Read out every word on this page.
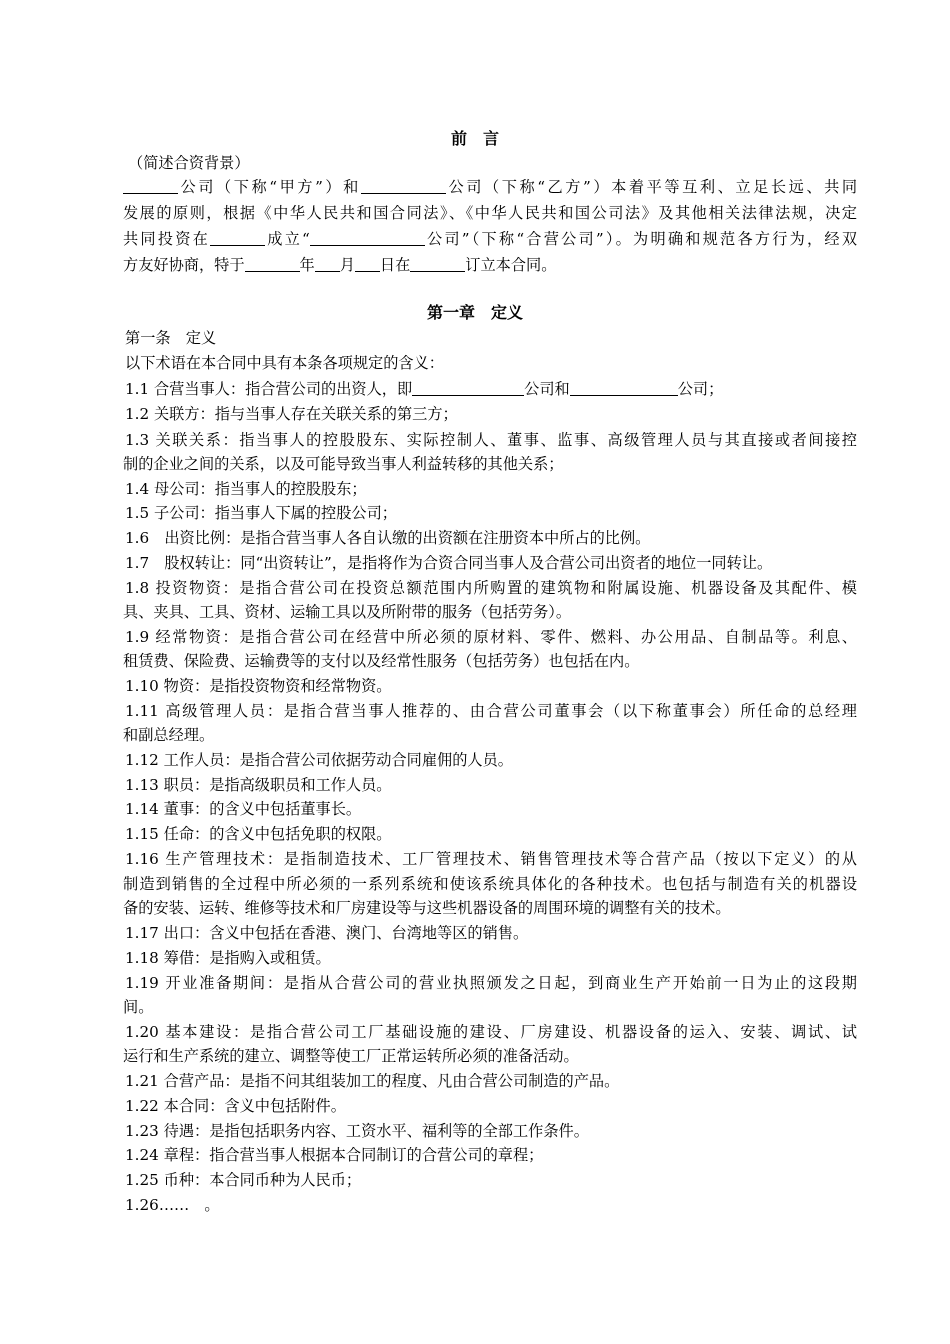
前　言
（简述合资背景）
公司（下称“甲方”）和	公司（下称“乙方”）本着平等互利、立足长远、共同
发展的原则，根据《中华人民共和国合同法》、《中华人民共和国公司法》及其他相关法律法规，决定
共同投资在	成立“	公司”（下称“合营公司”）。为明确和规范各方行为，经双
方友好协商，特于	年 月 日在	订立本合同。
第一章　定义
第一条　定义
以下术语在本合同中具有本条各项规定的含义：
1.1 合营当事人：指合营公司的出资人，即	公司和	公司；
1.2 关联方：指与当事人存在关联关系的第三方；
1.3 关联关系：指当事人的控股股东、实际控制人、董事、监事、高级管理人员与其直接或者间接控
制的企业之间的关系，以及可能导致当事人利益转移的其他关系；
1.4 母公司：指当事人的控股股东；
1.5 子公司：指当事人下属的控股公司；
1.6　出资比例：是指合营当事人各自认缴的出资额在注册资本中所占的比例。
1.7　股权转让：同“出资转让”，是指将作为合资合同当事人及合营公司出资者的地位一同转让。
1.8 投资物资：是指合营公司在投资总额范围内所购置的建筑物和附属设施、机器设备及其配件、模
具、夹具、工具、资材、运输工具以及所附带的服务（包括劳务）。
1.9 经常物资：是指合营公司在经营中所必须的原材料、零件、燃料、办公用品、自制品等。利息、
租赁费、保险费、运输费等的支付以及经常性服务（包括劳务）也包括在内。
1.10 物资：是指投资物资和经常物资。
1.11 高级管理人员：是指合营当事人推荐的、由合营公司董事会（以下称董事会）所任命的总经理
和副总经理。
1.12 工作人员：是指合营公司依据劳动合同雇佣的人员。
1.13 职员：是指高级职员和工作人员。
1.14 董事：的含义中包括董事长。
1.15 任命：的含义中包括免职的权限。
1.16 生产管理技术：是指制造技术、工厂管理技术、销售管理技术等合营产品（按以下定义）的从
制造到销售的全过程中所必须的一系列系统和使该系统具体化的各种技术。也包括与制造有关的机器设
备的安装、运转、维修等技术和厂房建设等与这些机器设备的周围环境的调整有关的技术。
1.17 出口：含义中包括在香港、澳门、台湾地等区的销售。
1.18 筹借：是指购入或租赁。
1.19 开业准备期间：是指从合营公司的营业执照颁发之日起，到商业生产开始前一日为止的这段期
间。
1.20 基本建设：是指合营公司工厂基础设施的建设、厂房建设、机器设备的运入、安装、调试、试
运行和生产系统的建立、调整等使工厂正常运转所必须的准备活动。
1.21 合营产品：是指不问其组装加工的程度、凡由合营公司制造的产品。
1.22 本合同：含义中包括附件。
1.23 待遇：是指包括职务内容、工资水平、福利等的全部工作条件。
1.24 章程：指合营当事人根据本合同制订的合营公司的章程；
1.25 币种：本合同币种为人民币；
1.26……　。
